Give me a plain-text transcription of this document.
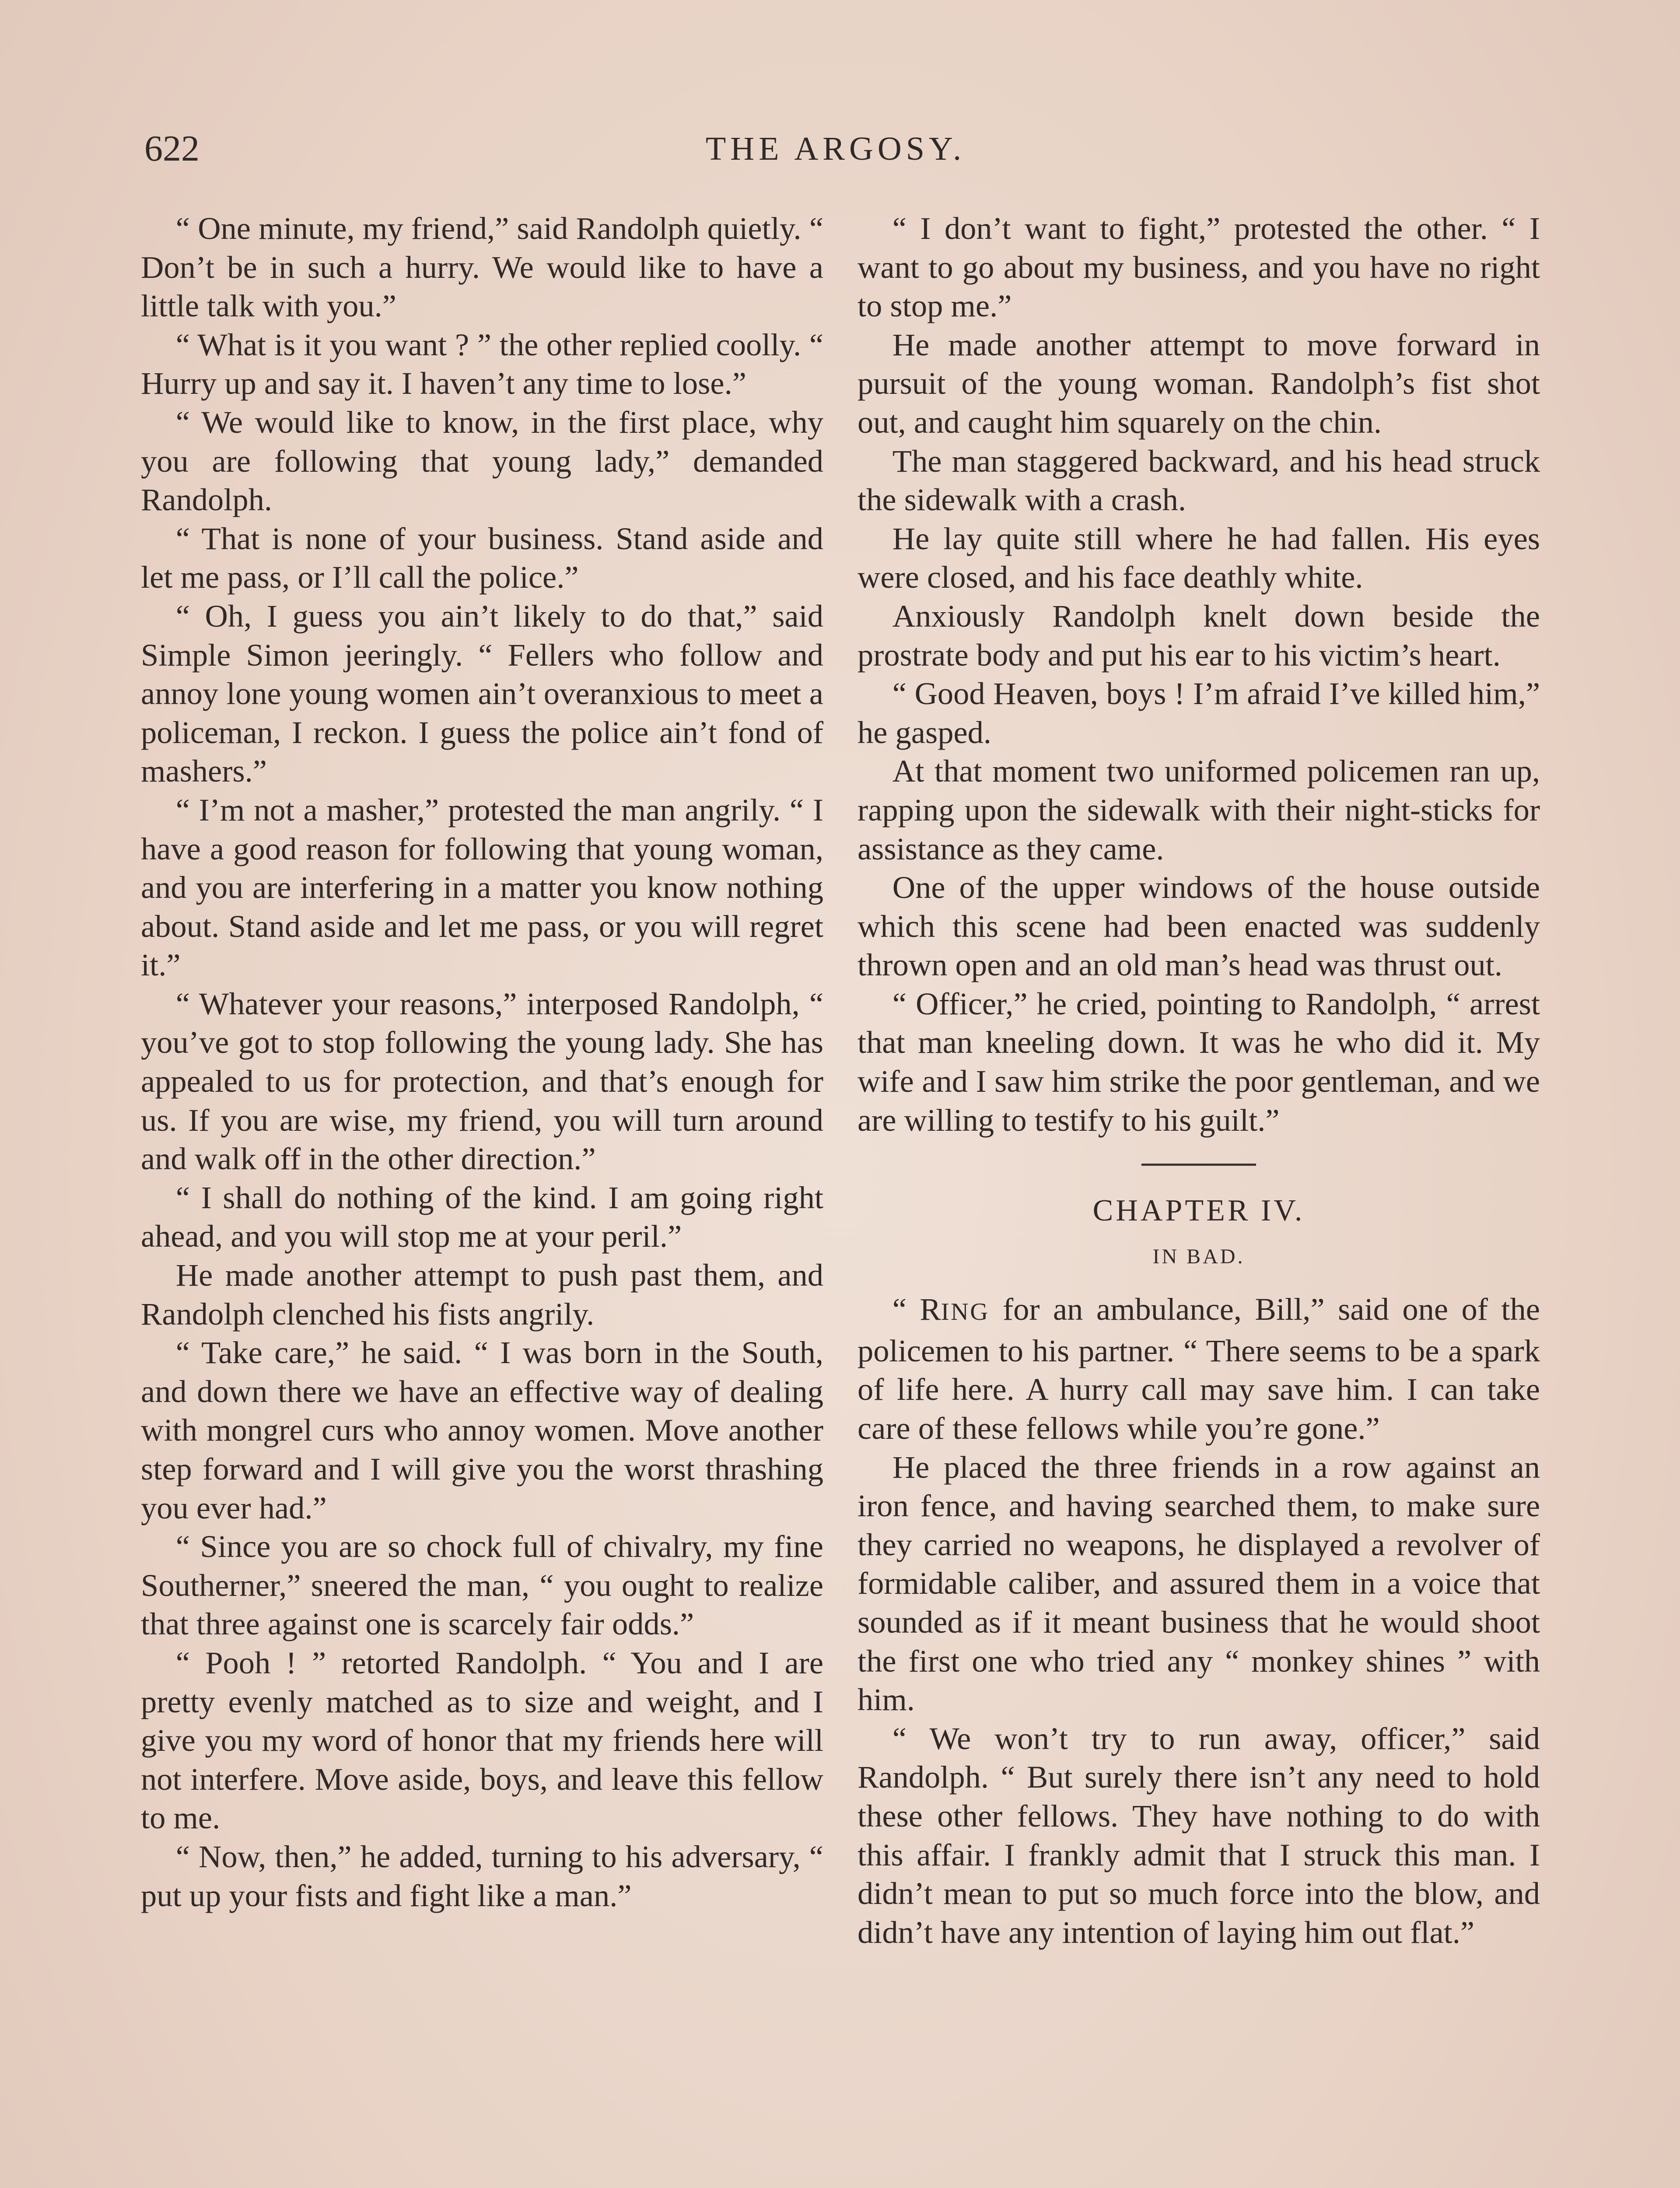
622	THE ARGOSY.

“ One minute, my friend,” said Randolph quietly. “ Don’t be in such a hurry. We would like to have a little talk with you.”

“ What is it you want ? ” the other replied coolly. “ Hurry up and say it. I haven’t any time to lose.”

“ We would like to know, in the first place, why you are following that young lady,” demanded Randolph.

“ That is none of your business. Stand aside and let me pass, or I’ll call the police.”

“ Oh, I guess you ain’t likely to do that,” said Simple Simon jeeringly. “ Fellers who follow and annoy lone young women ain’t overanxious to meet a policeman, I reckon. I guess the police ain’t fond of mashers.”

“ I’m not a masher,” protested the man angrily. “ I have a good reason for following that young woman, and you are interfering in a matter you know nothing about. Stand aside and let me pass, or you will regret it.”

“ Whatever your reasons,” interposed Randolph, “ you’ve got to stop following the young lady. She has appealed to us for protection, and that’s enough for us. If you are wise, my friend, you will turn around and walk off in the other direction.”

“ I shall do nothing of the kind. I am going right ahead, and you will stop me at your peril.”

He made another attempt to push past them, and Randolph clenched his fists angrily.

“ Take care,” he said. “ I was born in the South, and down there we have an effective way of dealing with mongrel curs who annoy women. Move another step forward and I will give you the worst thrashing you ever had.”

“ Since you are so chock full of chivalry, my fine Southerner,” sneered the man, “ you ought to realize that three against one is scarcely fair odds.”

“ Pooh ! ” retorted Randolph. “ You and I are pretty evenly matched as to size and weight, and I give you my word of honor that my friends here will not interfere. Move aside, boys, and leave this fellow to me.

“ Now, then,” he added, turning to his adversary, “ put up your fists and fight like a man.”

“ I don’t want to fight,” protested the other. “ I want to go about my business, and you have no right to stop me.”

He made another attempt to move forward in pursuit of the young woman. Randolph’s fist shot out, and caught him squarely on the chin.

The man staggered backward, and his head struck the sidewalk with a crash.

He lay quite still where he had fallen. His eyes were closed, and his face deathly white.

Anxiously Randolph knelt down beside the prostrate body and put his ear to his victim’s heart.

“ Good Heaven, boys ! I’m afraid I’ve killed him,” he gasped.

At that moment two uniformed policemen ran up, rapping upon the sidewalk with their night-sticks for assistance as they came.

One of the upper windows of the house outside which this scene had been enacted was suddenly thrown open and an old man’s head was thrust out.

“ Officer,” he cried, pointing to Randolph, “ arrest that man kneeling down. It was he who did it. My wife and I saw him strike the poor gentleman, and we are willing to testify to his guilt.”

CHAPTER IV.
IN BAD.

“ RING for an ambulance, Bill,” said one of the policemen to his partner. “ There seems to be a spark of life here. A hurry call may save him. I can take care of these fellows while you’re gone.”

He placed the three friends in a row against an iron fence, and having searched them, to make sure they carried no weapons, he displayed a revolver of formidable caliber, and assured them in a voice that sounded as if it meant business that he would shoot the first one who tried any “ monkey shines ” with him.

“ We won’t try to run away, officer,” said Randolph. “ But surely there isn’t any need to hold these other fellows. They have nothing to do with this affair. I frankly admit that I struck this man. I didn’t mean to put so much force into the blow, and didn’t have any intention of laying him out flat.”
